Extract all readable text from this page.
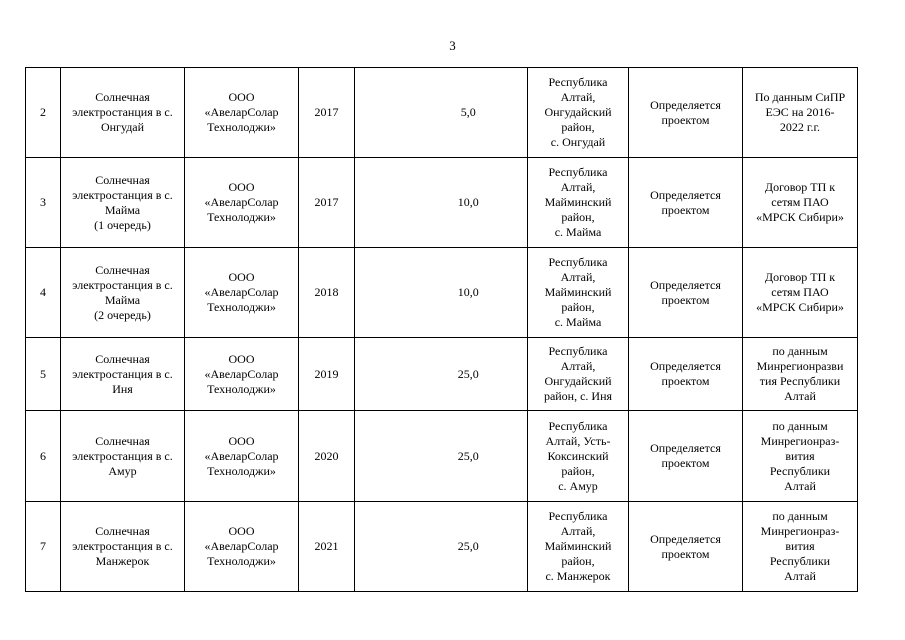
3
2	Солнечная
электростанция в с.
Онгудай	ООО
«АвеларСолар
Технолоджи»	2017		5,0	Республика
Алтай,
Онгудайский
район,
с. Онгудай	Определяется
проектом	По данным СиПР
ЕЭС на 2016-
2022 г.г.

3	Солнечная
электростанция в с.
Майма
(1 очередь)	ООО
«АвеларСолар
Технолоджи»	2017		10,0	Республика
Алтай,
Майминский
район,
с. Майма	Определяется
проектом	Договор ТП к
сетям ПАО
«МРСК Сибири»

4	Солнечная
электростанция в с.
Майма
(2 очередь)	ООО
«АвеларСолар
Технолоджи»	2018		10,0	Республика
Алтай,
Майминский
район,
с. Майма	Определяется
проектом	Договор ТП к
сетям ПАО
«МРСК Сибири»

5	Солнечная
электростанция в с.
Иня	ООО
«АвеларСолар
Технолоджи»	2019		25,0	Республика
Алтай,
Онгудайский
район, с. Иня	Определяется
проектом	по данным
Минрегионразви
тия Республики
Алтай

6	Солнечная
электростанция в с.
Амур	ООО
«АвеларСолар
Технолоджи»	2020		25,0	Республика
Алтай, Усть-
Коксинский
район,
с. Амур	Определяется
проектом	по данным
Минрегионраз-
вития
Республики
Алтай

7	Солнечная
электростанция в с.
Манжерок	ООО
«АвеларСолар
Технолоджи»	2021		25,0	Республика
Алтай,
Майминский
район,
с. Манжерок	Определяется
проектом	по данным
Минрегионраз-
вития
Республики
Алтай
